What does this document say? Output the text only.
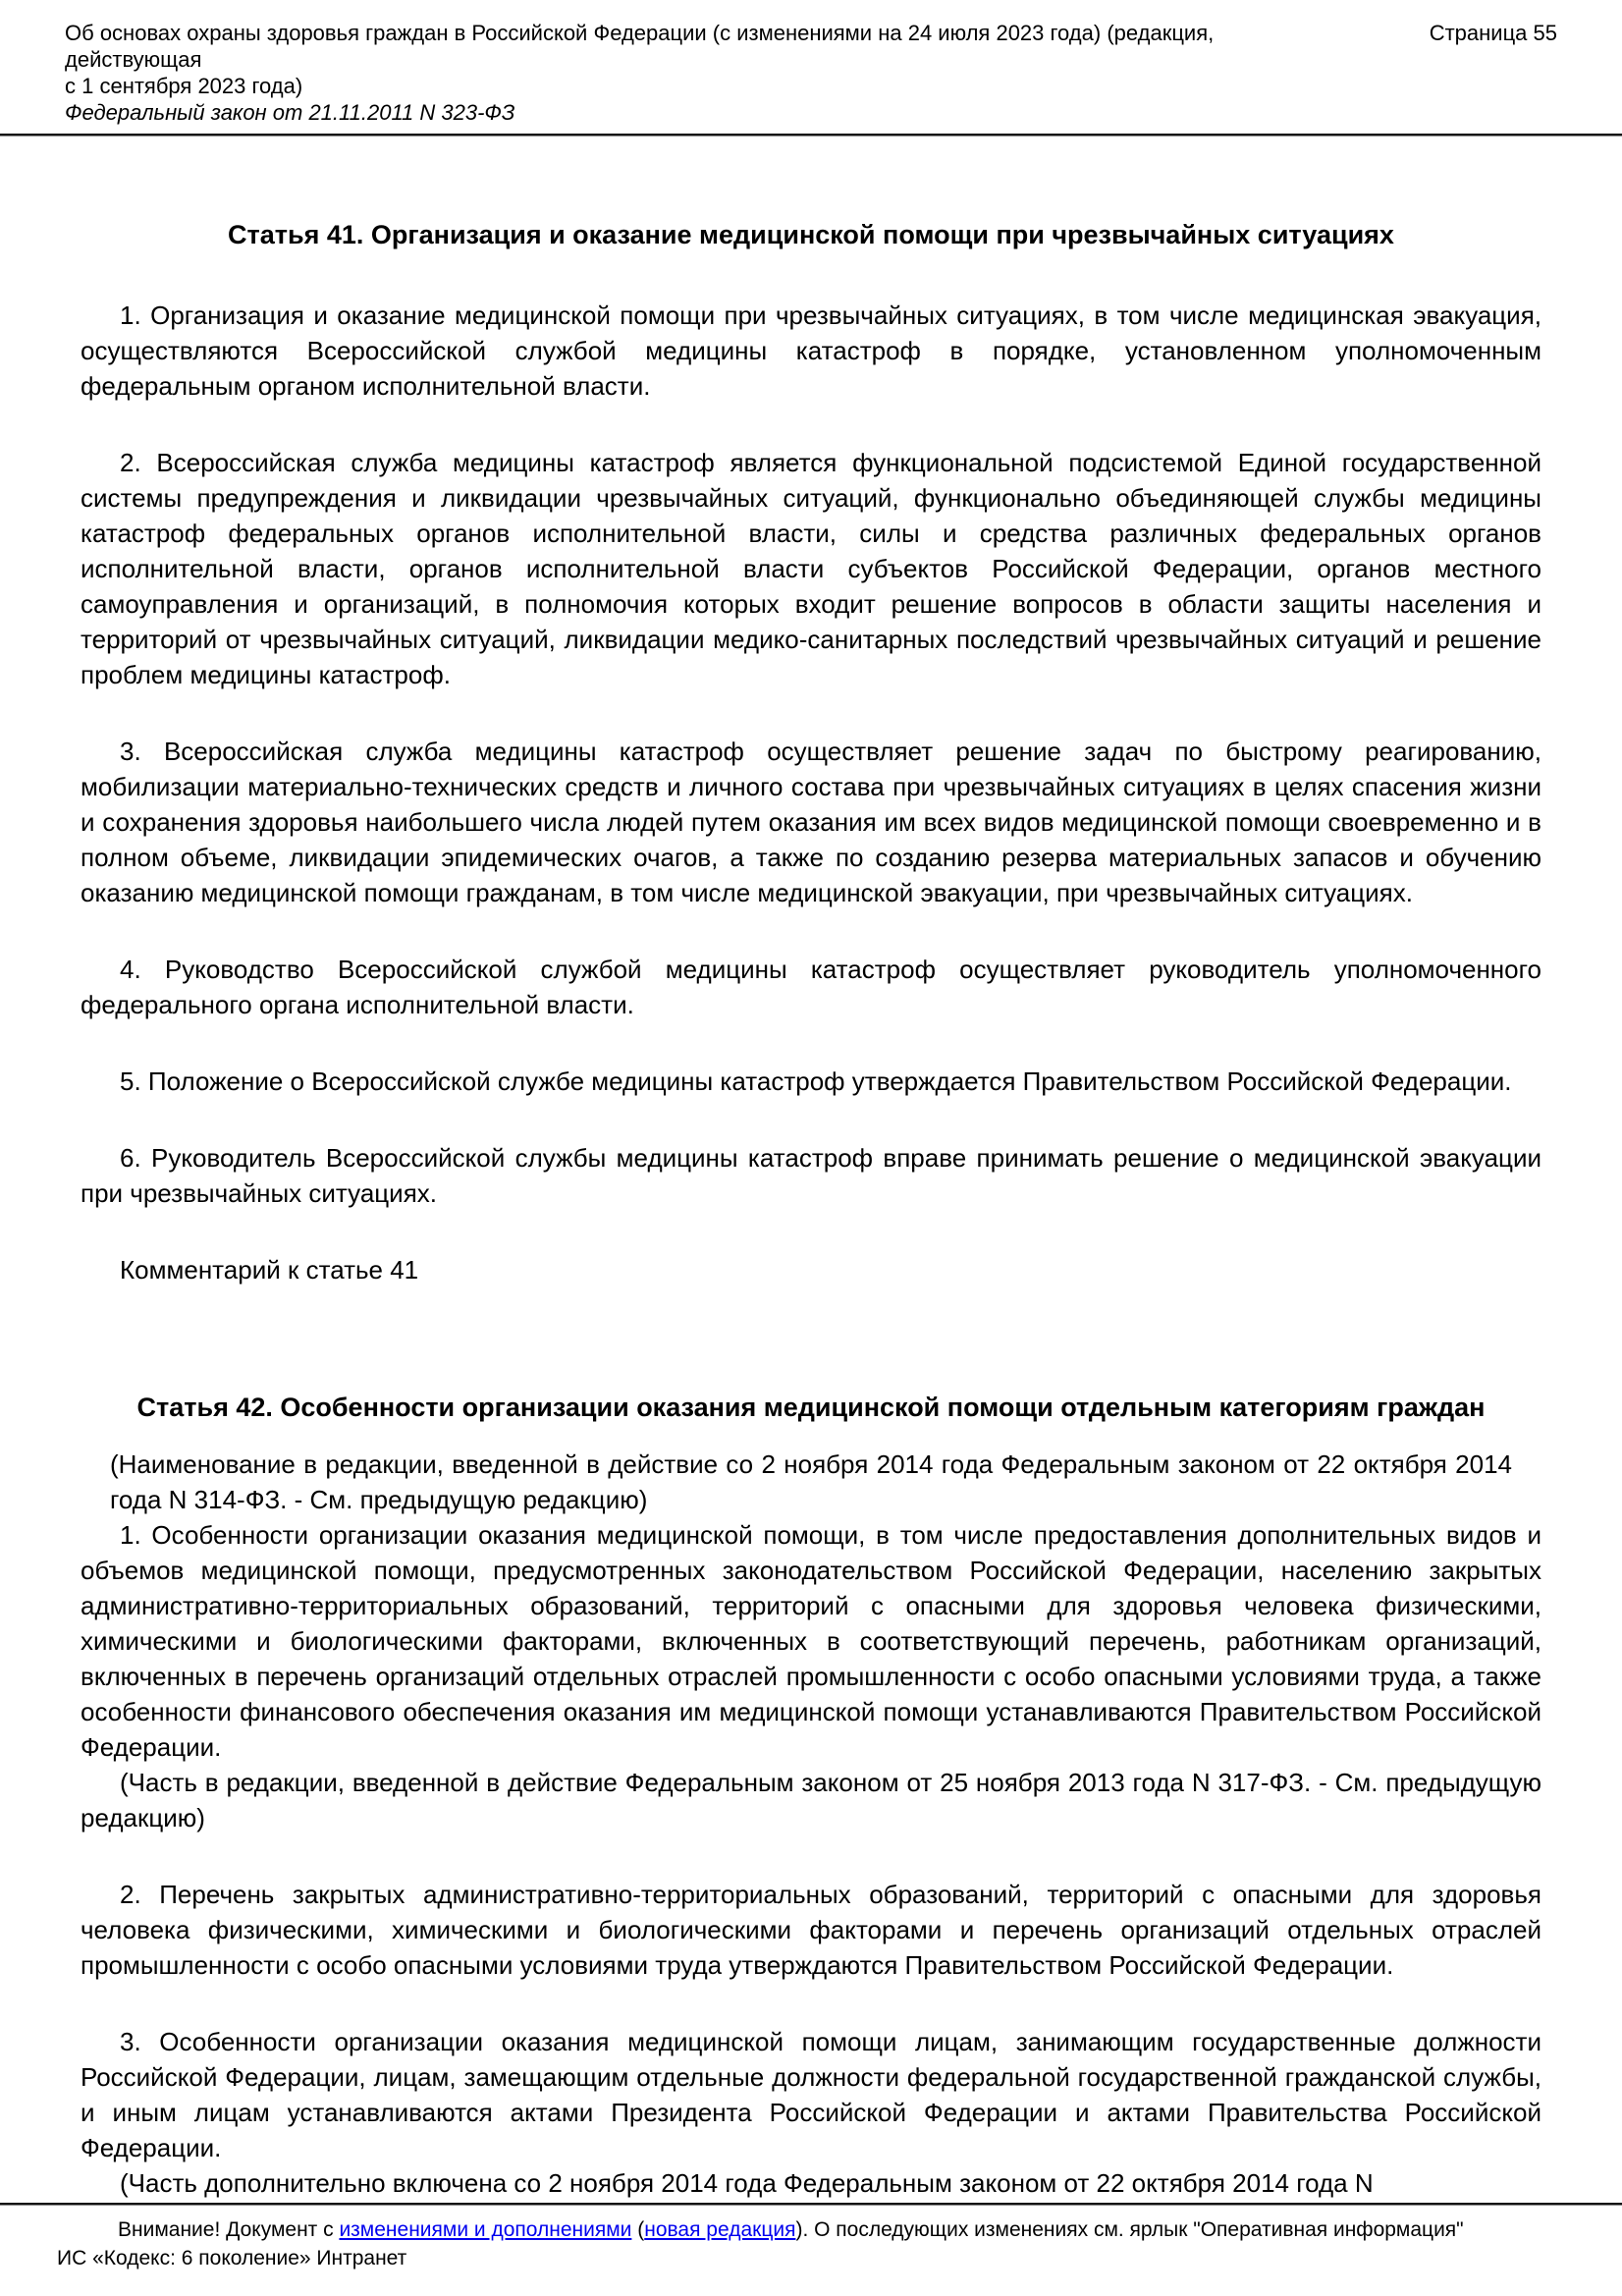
Об основах охраны здоровья граждан в Российской Федерации (с изменениями на 24 июля 2023 года) (редакция, действующая
с 1 сентября 2023 года)
Страница 55
Федеральный закон от 21.11.2011 N 323-ФЗ
Статья 41. Организация и оказание медицинской помощи при чрезвычайных ситуациях

1. Организация и оказание медицинской помощи при чрезвычайных ситуациях, в том числе медицинская эвакуация, осуществляются Всероссийской службой медицины катастроф в порядке, установленном уполномоченным федеральным органом исполнительной власти.

2. Всероссийская служба медицины катастроф является функциональной подсистемой Единой государственной системы предупреждения и ликвидации чрезвычайных ситуаций, функционально объединяющей службы медицины катастроф федеральных органов исполнительной власти, силы и средства различных федеральных органов исполнительной власти, органов исполнительной власти субъектов Российской Федерации, органов местного самоуправления и организаций, в полномочия которых входит решение вопросов в области защиты населения и территорий от чрезвычайных ситуаций, ликвидации медико-санитарных последствий чрезвычайных ситуаций и решение проблем медицины катастроф.

3. Всероссийская служба медицины катастроф осуществляет решение задач по быстрому реагированию, мобилизации материально-технических средств и личного состава при чрезвычайных ситуациях в целях спасения жизни и сохранения здоровья наибольшего числа людей путем оказания им всех видов медицинской помощи своевременно и в полном объеме, ликвидации эпидемических очагов, а также по созданию резерва материальных запасов и обучению оказанию медицинской помощи гражданам, в том числе медицинской эвакуации, при чрезвычайных ситуациях.

4. Руководство Всероссийской службой медицины катастроф осуществляет руководитель уполномоченного федерального органа исполнительной власти.

5. Положение о Всероссийской службе медицины катастроф утверждается Правительством Российской Федерации.

6. Руководитель Всероссийской службы медицины катастроф вправе принимать решение о медицинской эвакуации при чрезвычайных ситуациях.

Комментарий к статье 41
Статья 42. Особенности организации оказания медицинской помощи отдельным категориям граждан

(Наименование в редакции, введенной в действие со 2 ноября 2014 года Федеральным законом от 22 октября 2014 года N 314-ФЗ. - См. предыдущую редакцию)

1. Особенности организации оказания медицинской помощи, в том числе предоставления дополнительных видов и объемов медицинской помощи, предусмотренных законодательством Российской Федерации, населению закрытых административно-территориальных образований, территорий с опасными для здоровья человека физическими, химическими и биологическими факторами, включенных в соответствующий перечень, работникам организаций, включенных в перечень организаций отдельных отраслей промышленности с особо опасными условиями труда, а также особенности финансового обеспечения оказания им медицинской помощи устанавливаются Правительством Российской Федерации.

(Часть в редакции, введенной в действие Федеральным законом от 25 ноября 2013 года N 317-ФЗ. - См. предыдущую редакцию)

2. Перечень закрытых административно-территориальных образований, территорий с опасными для здоровья человека физическими, химическими и биологическими факторами и перечень организаций отдельных отраслей промышленности с особо опасными условиями труда утверждаются Правительством Российской Федерации.

3. Особенности организации оказания медицинской помощи лицам, занимающим государственные должности Российской Федерации, лицам, замещающим отдельные должности федеральной государственной гражданской службы, и иным лицам устанавливаются актами Президента Российской Федерации и актами Правительства Российской Федерации.

(Часть дополнительно включена со 2 ноября 2014 года Федеральным законом от 22 октября 2014 года N

Внимание! Документ с изменениями и дополнениями (новая редакция). О последующих изменениях см. ярлык "Оперативная информация"
ИС «Кодекс: 6 поколение» Интранет
